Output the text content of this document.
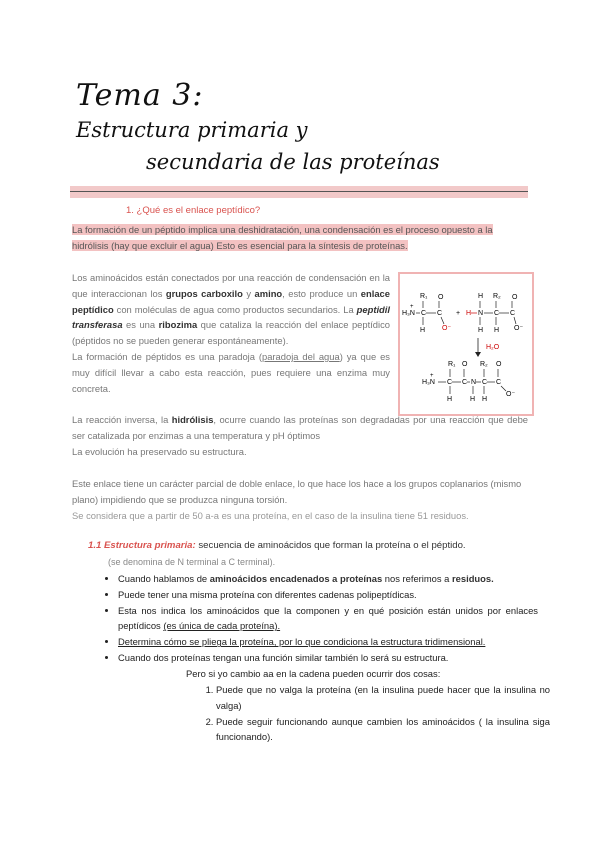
Tema 3:
Estructura primaria y
secundaria de las proteínas
1. ¿Qué es el enlace peptídico?
La formación de un péptido implica una deshidratación, una condensación es el proceso opuesto a la hidrólisis (hay que excluir el agua) Esto es esencial para la síntesis de proteínas.
Los aminoácidos están conectados por una reacción de condensación en la que interaccionan los grupos carboxilo y amino, esto produce un enlace peptídico con moléculas de agua como productos secundarios. La peptidil transferasa es una ribozima que cataliza la reacción del enlace peptídico (péptidos no se pueden generar espontáneamente).
La formación de péptidos es una paradoja (paradoja del agua) ya que es muy difícil llevar a cabo esta reacción, pues requiere una enzima muy concreta.
R₁
+
H₃N C C
H
O
O⁻
+ H N
H R₂
C C
H H
O
O⁻
H₂O
R₁	R₂
O	O
+
H₃N C C N C C
H	H H
O⁻
La reacción inversa, la hidrólisis, ocurre cuando las proteínas son degradadas por una reacción que debe ser catalizada por enzimas a una temperatura y pH óptimos
La evolución ha preservado su estructura.
Este enlace tiene un carácter parcial de doble enlace, lo que hace los hace a los grupos coplanarios (mismo plano) impidiendo que se produzca ninguna torsión.
Se considera que a partir de 50 a-a es una proteína, en el caso de la insulina tiene 51 residuos.
1.1 Estructura primaria: secuencia de aminoácidos que forman la proteína o el péptido.
(se denomina de N terminal a C terminal).
• Cuando hablamos de aminoácidos encadenados a proteínas nos referimos a residuos.
• Puede tener una misma proteína con diferentes cadenas polipeptídicas.
• Esta nos indica los aminoácidos que la componen y en qué posición están unidos por enlaces peptídicos (es única de cada proteína).
• Determina cómo se pliega la proteína, por lo que condiciona la estructura tridimensional.
• Cuando dos proteínas tengan una función similar también lo será su estructura.
Pero si yo cambio aa en la cadena pueden ocurrir dos cosas:
1. Puede que no valga la proteína (en la insulina puede hacer que la insulina no valga)
2. Puede seguir funcionando aunque cambien los aminoácidos ( la insulina siga funcionando).
